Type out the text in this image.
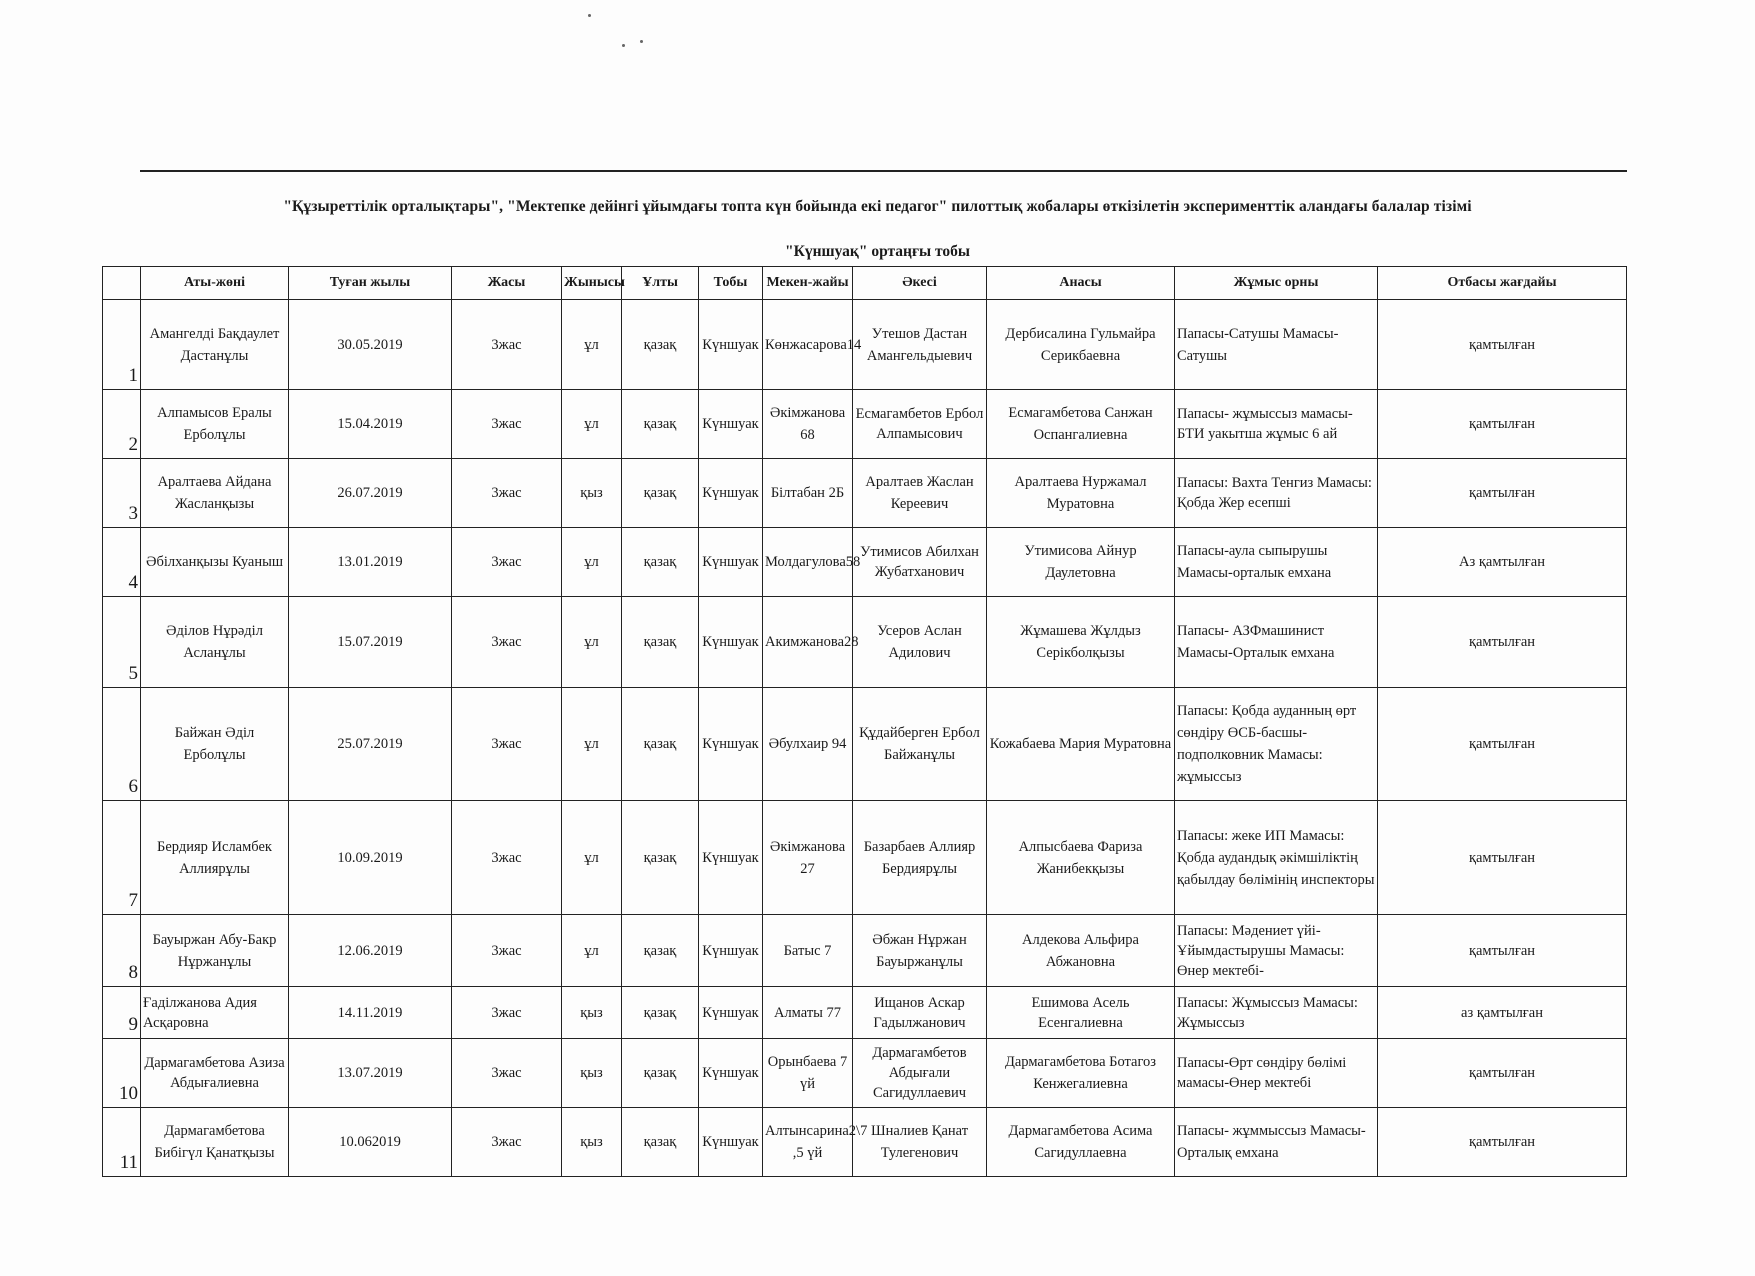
"Құзыреттілік орталықтары", "Мектепке дейінгі ұйымдағы топта күн бойында екі педагог" пилоттық жобалары өткізілетін эксперименттік аландағы балалар тізімі
"Күншуақ" ортаңғы тобы
	Аты-жөні	Туған жылы	Жасы	Жынысы	Ұлты	Тобы	Мекен-жайы	Әкесі	Анасы	Жұмыс орны	Отбасы жағдайы
1	Амангелді Бақдаулет Дастанұлы	30.05.2019	3жас	ұл	қазақ	Күншуак	Көнжасарова14	Утешов Дастан Амангельдыевич	Дербисалина Гульмайра Серикбаевна	Папасы-Сатушы Мамасы-Сатушы	қамтылған
2	Алпамысов Ералы Ерболұлы	15.04.2019	3жас	ұл	қазақ	Күншуак	Әкімжанова 68	Есмагамбетов Ербол Алпамысович	Есмагамбетова Санжан Оспангалиевна	Папасы- жұмыссыз мамасы-БТИ уакытша жұмыс 6 ай	қамтылған
3	Аралтаева Айдана Жасланқызы	26.07.2019	3жас	қыз	қазақ	Күншуак	Білтабан 2Б	Аралтаев Жаслан Кереевич	Аралтаева Нуржамал Муратовна	Папасы: Вахта Тенгиз Мамасы: Қобда Жер есепші	қамтылған
4	Әбілханқызы Куаныш	13.01.2019	3жас	ұл	қазақ	Күншуак	Молдагулова58	Утимисов Абилхан Жубатханович	Утимисова Айнур Даулетовна	Папасы-аула сыпырушы Мамасы-орталык емхана	Аз қамтылған
5	Әділов Нұрәділ Асланұлы	15.07.2019	3жас	ұл	қазақ	Күншуак	Акимжанова28	Усеров Аслан Адилович	Жұмашева Жұлдыз Серікболқызы	Папасы- АЗФмашинист Мамасы-Орталык емхана	қамтылған
6	Байжан Әділ Ерболұлы	25.07.2019	3жас	ұл	қазақ	Күншуак	Әбулхаир 94	Құдайберген Ербол Байжанұлы	Кожабаева Мария Муратовна	Папасы: Қобда ауданның өрт сөндіру ӨСБ-басшы-подполковник Мамасы: жұмыссыз	қамтылған
7	Бердияр Исламбек Аллиярұлы	10.09.2019	3жас	ұл	қазақ	Күншуак	Әкімжанова 27	Базарбаев Аллияр Бердиярұлы	Алпысбаева Фариза Жанибекқызы	Папасы: жеке ИП Мамасы: Қобда аудандық әкімшіліктің қабылдау бөлімінің инспекторы	қамтылған
8	Бауыржан Абу-Бакр Нұржанұлы	12.06.2019	3жас	ұл	қазақ	Күншуак	Батыс 7	Әбжан Нұржан Бауыржанұлы	Алдекова Альфира Абжановна	Папасы: Мәдениет үйі-Ұйымдастырушы Мамасы: Өнер мектебі-	қамтылған
9	Ғаділжанова Адия Асқаровна	14.11.2019	3жас	қыз	қазақ	Күншуак	Алматы 77	Ищанов Аскар Гадылжанович	Ешимова Асель Есенгалиевна	Папасы: Жұмыссыз Мамасы: Жұмыссыз	аз қамтылған
10	Дармагамбетова Азиза Абдығалиевна	13.07.2019	3жас	қыз	қазақ	Күншуак	Орынбаева 7 үй	Дармагамбетов Абдығали Сагидуллаевич	Дармагамбетова Ботагоз Кенжегалиевна	Папасы-Өрт сөндіру бөлімі мамасы-Өнер мектебі	қамтылған
11	Дармагамбетова Бибігүл Қанатқызы	10.062019	3жас	қыз	қазақ	Күншуак	Алтынсарина2\7 ,5 үй	Шналиев Қанат Тулегенович	Дармагамбетова Асима Сагидуллаевна	Папасы- жұммыссыз Мамасы-Орталық емхана	қамтылған
